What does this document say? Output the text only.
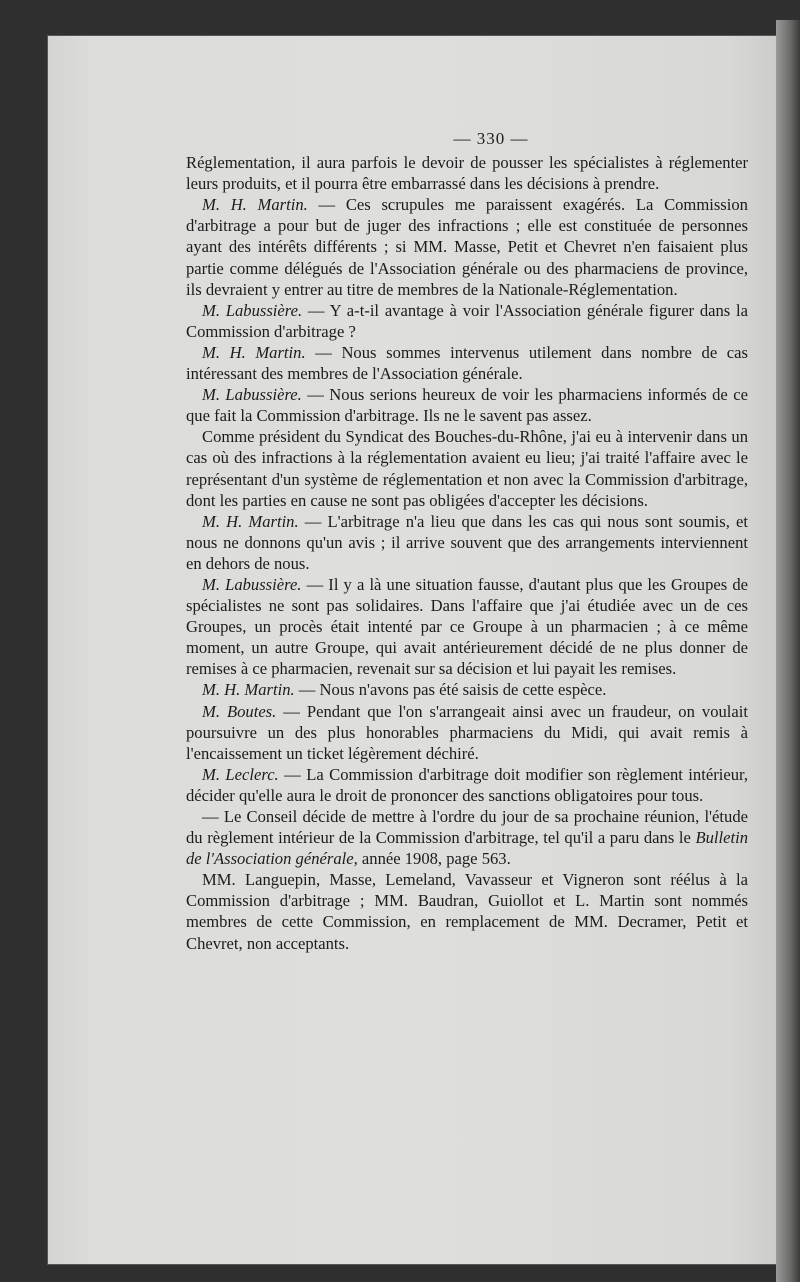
— 330 —

Réglementation, il aura parfois le devoir de pousser les spécialistes à réglementer leurs produits, et il pourra être embarrassé dans les décisions à prendre.

M. H. Martin. — Ces scrupules me paraissent exagérés. La Commission d'arbitrage a pour but de juger des infractions ; elle est constituée de personnes ayant des intérêts différents ; si MM. Masse, Petit et Chevret n'en faisaient plus partie comme délégués de l'Association générale ou des pharmaciens de province, ils devraient y entrer au titre de membres de la Nationale-Réglementation.

M. Labussière. — Y a-t-il avantage à voir l'Association générale figurer dans la Commission d'arbitrage ?

M. H. Martin. — Nous sommes intervenus utilement dans nombre de cas intéressant des membres de l'Association générale.

M. Labussière. — Nous serions heureux de voir les pharmaciens informés de ce que fait la Commission d'arbitrage. Ils ne le savent pas assez.

Comme président du Syndicat des Bouches-du-Rhône, j'ai eu à intervenir dans un cas où des infractions à la réglementation avaient eu lieu; j'ai traité l'affaire avec le représentant d'un système de réglementation et non avec la Commission d'arbitrage, dont les parties en cause ne sont pas obligées d'accepter les décisions.

M. H. Martin. — L'arbitrage n'a lieu que dans les cas qui nous sont soumis, et nous ne donnons qu'un avis ; il arrive souvent que des arrangements interviennent en dehors de nous.

M. Labussière. — Il y a là une situation fausse, d'autant plus que les Groupes de spécialistes ne sont pas solidaires. Dans l'affaire que j'ai étudiée avec un de ces Groupes, un procès était intenté par ce Groupe à un pharmacien ; à ce même moment, un autre Groupe, qui avait antérieurement décidé de ne plus donner de remises à ce pharmacien, revenait sur sa décision et lui payait les remises.

M. H. Martin. — Nous n'avons pas été saisis de cette espèce.

M. Boutes. — Pendant que l'on s'arrangeait ainsi avec un fraudeur, on voulait poursuivre un des plus honorables pharmaciens du Midi, qui avait remis à l'encaissement un ticket légèrement déchiré.

M. Leclerc. — La Commission d'arbitrage doit modifier son règlement intérieur, décider qu'elle aura le droit de prononcer des sanctions obligatoires pour tous.

— Le Conseil décide de mettre à l'ordre du jour de sa prochaine réunion, l'étude du règlement intérieur de la Commission d'arbitrage, tel qu'il a paru dans le Bulletin de l'Association générale, année 1908, page 563.

MM. Languepin, Masse, Lemeland, Vavasseur et Vigneron sont réélus à la Commission d'arbitrage ; MM. Baudran, Guiollot et L. Martin sont nommés membres de cette Commission, en remplacement de MM. Decramer, Petit et Chevret, non acceptants.
